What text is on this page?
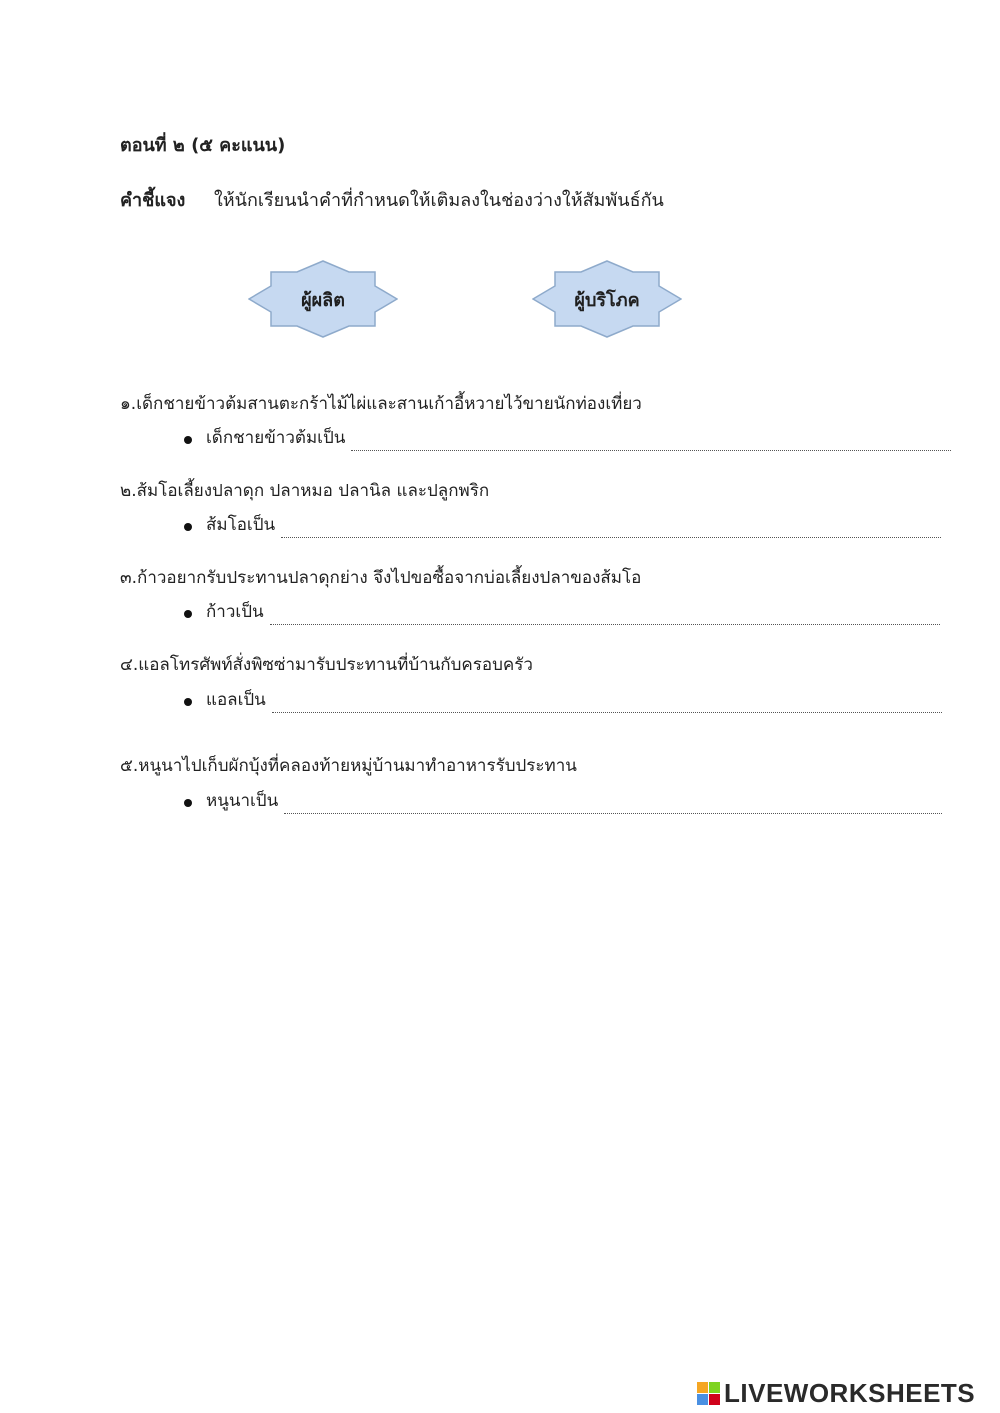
ตอนที่ ๒ (๕ คะแนน)
คำชี้แจง ให้นักเรียนนำคำที่กำหนดให้เติมลงในช่องว่างให้สัมพันธ์กัน
ผู้ผลิต	ผู้บริโภค
๑.เด็กชายข้าวต้มสานตะกร้าไม้ไผ่และสานเก้าอี้หวายไว้ขายนักท่องเที่ยว
เด็กชายข้าวต้มเป็น
๒.ส้มโอเลี้ยงปลาดุก ปลาหมอ ปลานิล และปลูกพริก
ส้มโอเป็น
๓.ก้าวอยากรับประทานปลาดุกย่าง จึงไปขอซื้อจากบ่อเลี้ยงปลาของส้มโอ
ก้าวเป็น
๔.แอลโทรศัพท์สั่งพิซซ่ามารับประทานที่บ้านกับครอบครัว
แอลเป็น
๕.หนูนาไปเก็บผักบุ้งที่คลองท้ายหมู่บ้านมาทำอาหารรับประทาน
หนูนาเป็น
LIVEWORKSHEETS
